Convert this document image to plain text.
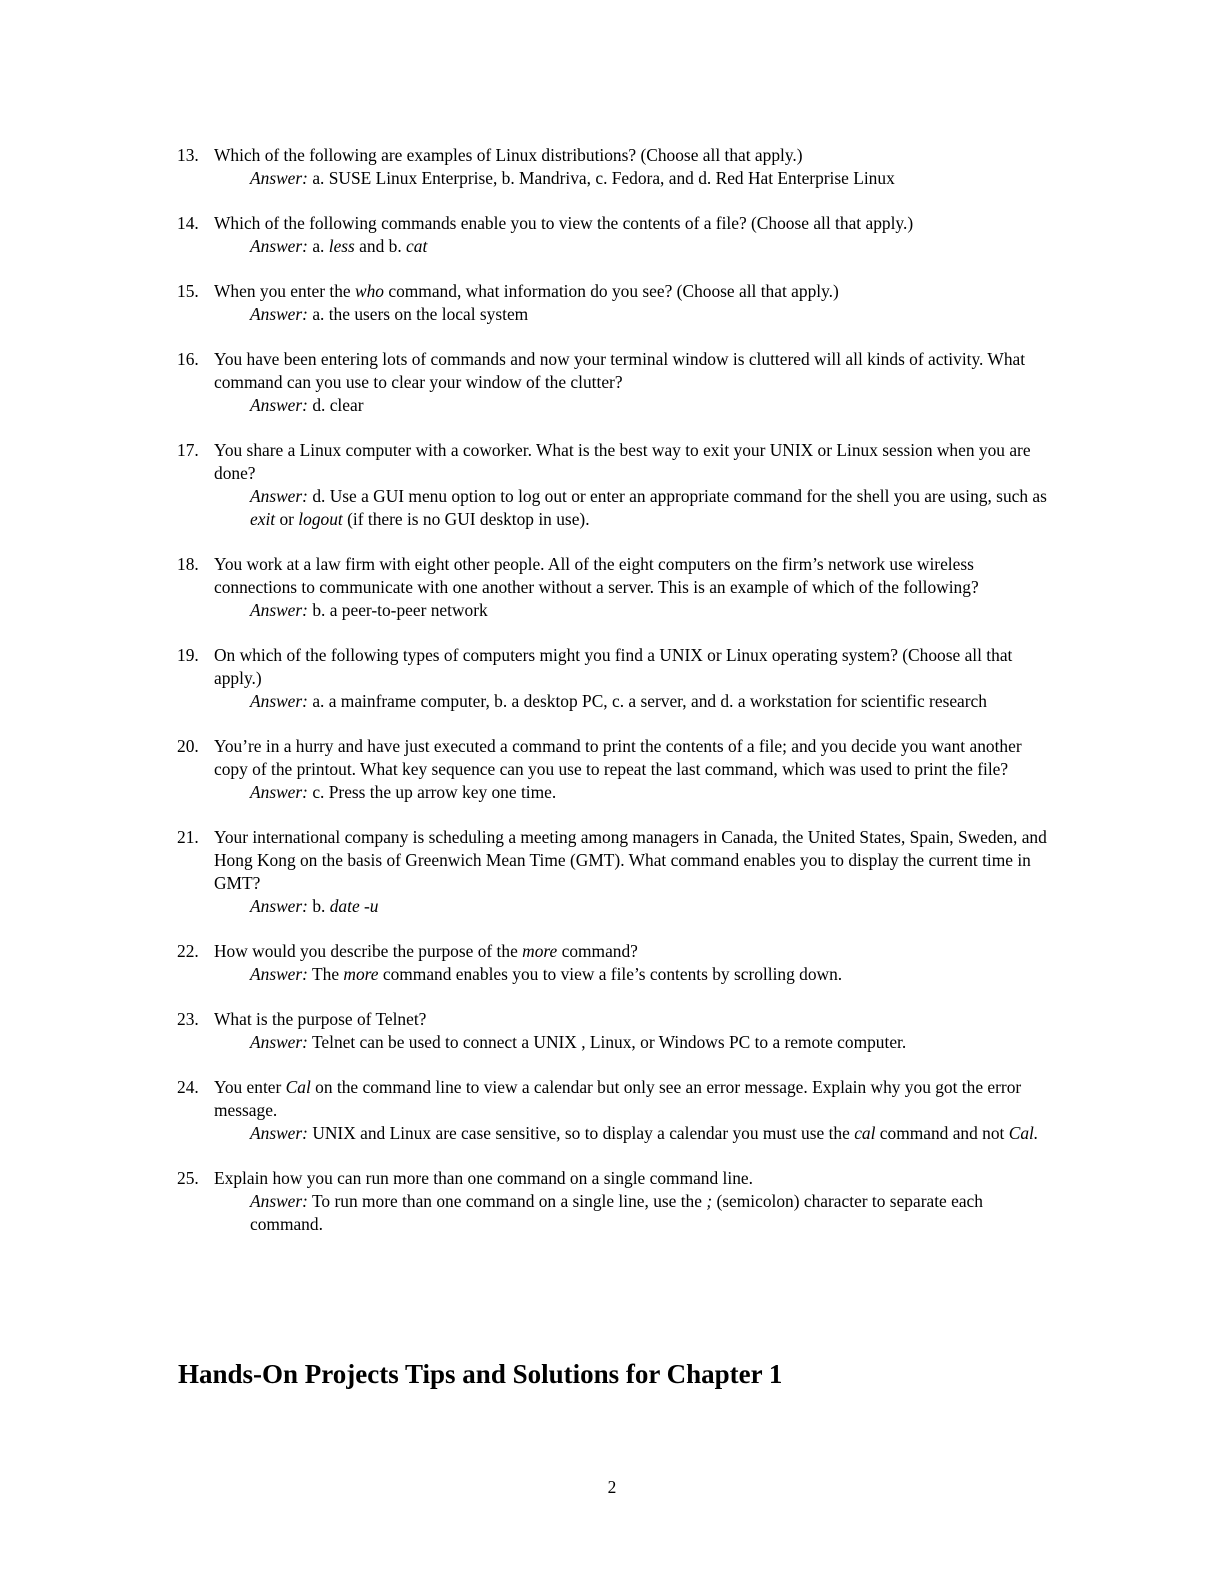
13. Which of the following are examples of Linux distributions? (Choose all that apply.)
Answer: a. SUSE Linux Enterprise, b. Mandriva, c. Fedora, and d. Red Hat Enterprise Linux
14. Which of the following commands enable you to view the contents of a file? (Choose all that apply.)
Answer: a. less and b. cat
15. When you enter the who command, what information do you see? (Choose all that apply.)
Answer: a. the users on the local system
16. You have been entering lots of commands and now your terminal window is cluttered will all kinds of activity. What command can you use to clear your window of the clutter?
Answer: d. clear
17. You share a Linux computer with a coworker. What is the best way to exit your UNIX or Linux session when you are done?
Answer: d. Use a GUI menu option to log out or enter an appropriate command for the shell you are using, such as exit or logout (if there is no GUI desktop in use).
18. You work at a law firm with eight other people. All of the eight computers on the firm’s network use wireless connections to communicate with one another without a server. This is an example of which of the following?
Answer: b. a peer-to-peer network
19. On which of the following types of computers might you find a UNIX or Linux operating system? (Choose all that apply.)
Answer: a. a mainframe computer, b. a desktop PC, c. a server, and d. a workstation for scientific research
20. You’re in a hurry and have just executed a command to print the contents of a file; and you decide you want another copy of the printout. What key sequence can you use to repeat the last command, which was used to print the file?
Answer: c. Press the up arrow key one time.
21. Your international company is scheduling a meeting among managers in Canada, the United States, Spain, Sweden, and Hong Kong on the basis of Greenwich Mean Time (GMT). What command enables you to display the current time in GMT?
Answer: b. date -u
22. How would you describe the purpose of the more command?
Answer: The more command enables you to view a file’s contents by scrolling down.
23. What is the purpose of Telnet?
Answer: Telnet can be used to connect a UNIX , Linux, or Windows PC to a remote computer.
24. You enter Cal on the command line to view a calendar but only see an error message. Explain why you got the error message.
Answer: UNIX and Linux are case sensitive, so to display a calendar you must use the cal command and not Cal.
25. Explain how you can run more than one command on a single command line.
Answer: To run more than one command on a single line, use the ; (semicolon) character to separate each command.
Hands-On Projects Tips and Solutions for Chapter 1
2
